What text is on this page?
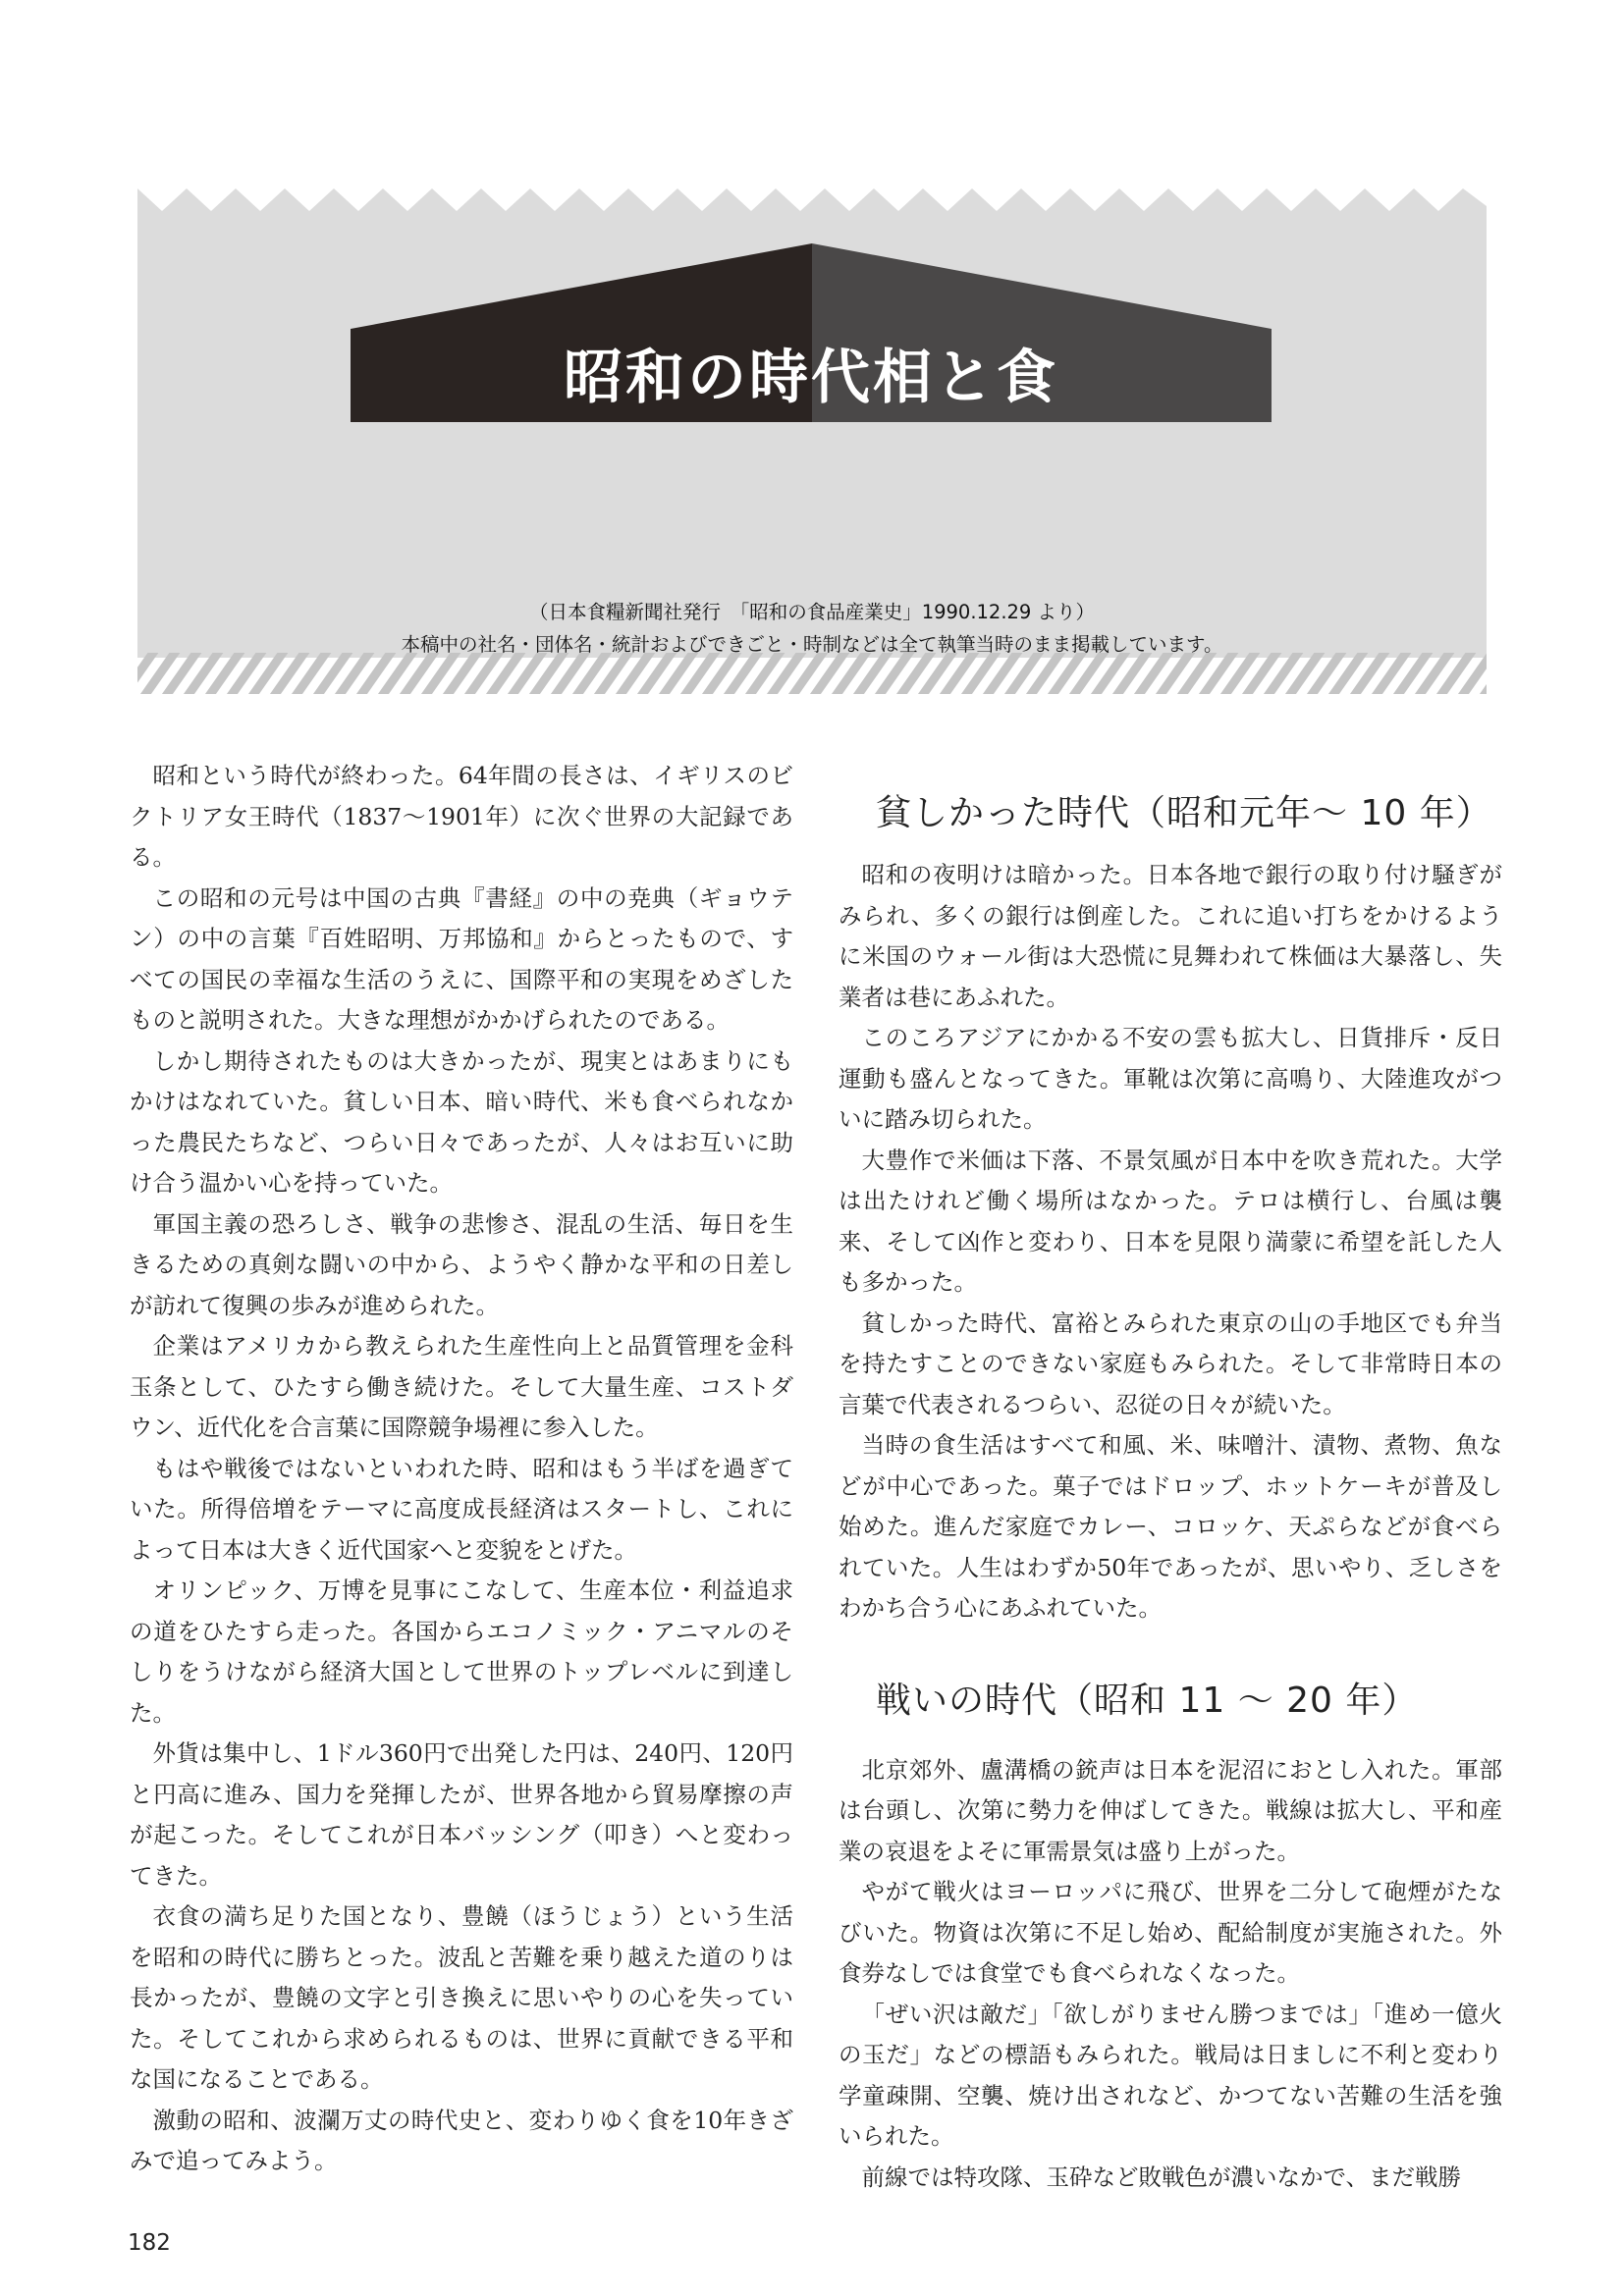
昭和の時代相と食
（日本食糧新聞社発行　「昭和の食品産業史」1990.12.29 より）
本稿中の社名・団体名・統計およびできごと・時制などは全て執筆当時のまま掲載しています。

昭和という時代が終わった。64年間の長さは、イギリスのビクトリア女王時代（1837～1901年）に次ぐ世界の大記録である。

この昭和の元号は中国の古典『書経』の中の尭典（ギョウテン）の中の言葉『百姓昭明、万邦協和』からとったもので、すべての国民の幸福な生活のうえに、国際平和の実現をめざしたものと説明された。大きな理想がかかげられたのである。

しかし期待されたものは大きかったが、現実とはあまりにもかけはなれていた。貧しい日本、暗い時代、米も食べられなかった農民たちなど、つらい日々であったが、人々はお互いに助け合う温かい心を持っていた。

軍国主義の恐ろしさ、戦争の悲惨さ、混乱の生活、毎日を生きるための真剣な闘いの中から、ようやく静かな平和の日差しが訪れて復興の歩みが進められた。

企業はアメリカから教えられた生産性向上と品質管理を金科玉条として、ひたすら働き続けた。そして大量生産、コストダウン、近代化を合言葉に国際競争場裡に参入した。

もはや戦後ではないといわれた時、昭和はもう半ばを過ぎていた。所得倍増をテーマに高度成長経済はスタートし、これによって日本は大きく近代国家へと変貌をとげた。

オリンピック、万博を見事にこなして、生産本位・利益追求の道をひたすら走った。各国からエコノミック・アニマルのそしりをうけながら経済大国として世界のトップレベルに到達した。

外貨は集中し、1ドル360円で出発した円は、240円、120円と円高に進み、国力を発揮したが、世界各地から貿易摩擦の声が起こった。そしてこれが日本バッシング（叩き）へと変わってきた。

衣食の満ち足りた国となり、豊饒（ほうじょう）という生活を昭和の時代に勝ちとった。波乱と苦難を乗り越えた道のりは長かったが、豊饒の文字と引き換えに思いやりの心を失っていた。そしてこれから求められるものは、世界に貢献できる平和な国になることである。

激動の昭和、波瀾万丈の時代史と、変わりゆく食を10年きざみで追ってみよう。

貧しかった時代（昭和元年～ 10 年）

昭和の夜明けは暗かった。日本各地で銀行の取り付け騒ぎがみられ、多くの銀行は倒産した。これに追い打ちをかけるように米国のウォール街は大恐慌に見舞われて株価は大暴落し、失業者は巷にあふれた。

このころアジアにかかる不安の雲も拡大し、日貨排斥・反日運動も盛んとなってきた。軍靴は次第に高鳴り、大陸進攻がついに踏み切られた。

大豊作で米価は下落、不景気風が日本中を吹き荒れた。大学は出たけれど働く場所はなかった。テロは横行し、台風は襲来、そして凶作と変わり、日本を見限り満蒙に希望を託した人も多かった。

貧しかった時代、富裕とみられた東京の山の手地区でも弁当を持たすことのできない家庭もみられた。そして非常時日本の言葉で代表されるつらい、忍従の日々が続いた。

当時の食生活はすべて和風、米、味噌汁、漬物、煮物、魚などが中心であった。菓子ではドロップ、ホットケーキが普及し始めた。進んだ家庭でカレー、コロッケ、天ぷらなどが食べられていた。人生はわずか50年であったが、思いやり、乏しさをわかち合う心にあふれていた。

戦いの時代（昭和 11 ～ 20 年）

北京郊外、盧溝橋の銃声は日本を泥沼におとし入れた。軍部は台頭し、次第に勢力を伸ばしてきた。戦線は拡大し、平和産業の哀退をよそに軍需景気は盛り上がった。

やがて戦火はヨーロッパに飛び、世界を二分して砲煙がたなびいた。物資は次第に不足し始め、配給制度が実施された。外食券なしでは食堂でも食べられなくなった。

「ぜい沢は敵だ」「欲しがりません勝つまでは」「進め一億火の玉だ」などの標語もみられた。戦局は日ましに不利と変わり学童疎開、空襲、焼け出されなど、かつてない苦難の生活を強いられた。

前線では特攻隊、玉砕など敗戦色が濃いなかで、まだ戦勝

182
